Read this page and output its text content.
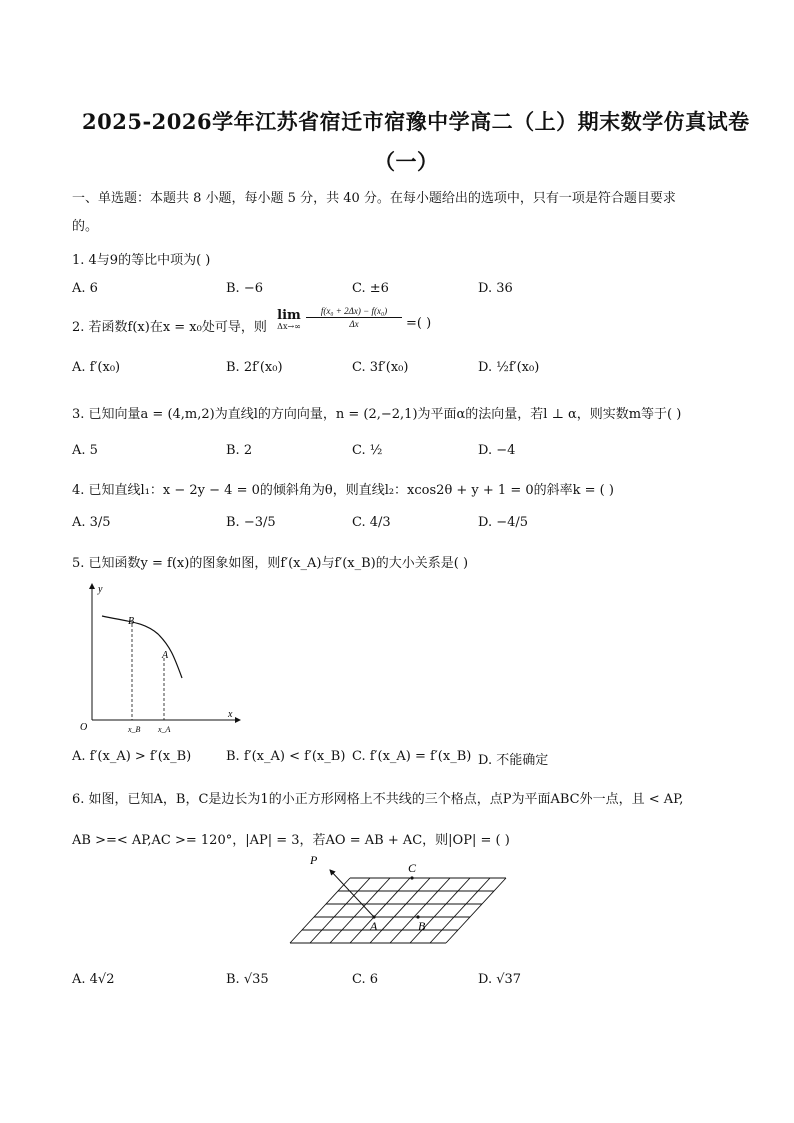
2025-2026学年江苏省宿迁市宿豫中学高二（上）期末数学仿真试卷
（一）
一、单选题：本题共 8 小题，每小题 5 分，共 40 分。在每小题给出的选项中，只有一项是符合题目要求
的。
1. 4与9的等比中项为( )
A. 6	B. −6	C. ±6	D. 36
2. 若函数f(x)在x = x₀处可导，则
lim
Δx→∞
f(x₀ + 2Δx) − f(x₀)
Δx	=( )
A. f′(x₀)	B. 2f′(x₀)	C. 3f′(x₀)	D. ½f′(x₀)
3. 已知向量a = (4,m,2)为直线l的方向向量，n = (2,−2,1)为平面α的法向量，若l ⊥ α，则实数m等于( )
A. 5	B. 2	C. ½	D. −4
4. 已知直线l₁：x − 2y − 4 = 0的倾斜角为θ，则直线l₂：xcos2θ + y + 1 = 0的斜率k = ( )
A. 3/5	B. −3/5	C. 4/3	D. −4/5
5. 已知函数y = f(x)的图象如图，则f′(x_A)与f′(x_B)的大小关系是( )
y
x
O
B
A
x_B x_A
A. f′(x_A) > f′(x_B)	B. f′(x_A) < f′(x_B) C. f′(x_A) = f′(x_B) D. 不能确定
6. 如图，已知A，B，C是边长为1的小正方形网格上不共线的三个格点，点P为平面ABC外一点，且 < AP,
AB >=< AP,AC >= 120°，|AP| = 3，若AO = AB + AC，则|OP| = ( )
P
C
A	B
A. 4√2	B. √35	C. 6	D. √37
